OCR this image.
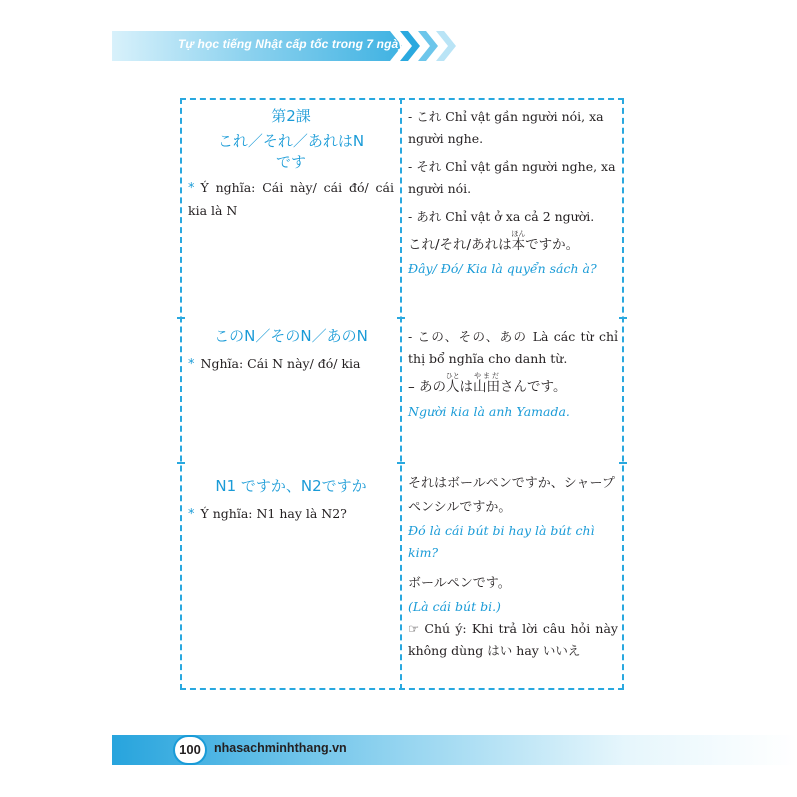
Tự học tiếng Nhật cấp tốc trong 7 ngày
第2課
これ／それ／あれはN
です
* Ý nghĩa: Cái này/ cái đó/ cái kia là N
- これ Chỉ vật gần người nói, xa người nghe.
- それ Chỉ vật gần người nghe, xa người nói.
- あれ Chỉ vật ở xa cả 2 người.
これ/それ/あれは本ほんですか。
Đây/ Đó/ Kia là quyển sách à?
このN／そのN／あのN
* Nghĩa: Cái N này/ đó/ kia
- この、その、あの Là các từ chỉ thị bổ nghĩa cho danh từ.
– あの人ひとは山田やまださんです。
Người kia là anh Yamada.
N1 ですか、N2ですか
* Ý nghĩa: N1 hay là N2?
それはボールペンですか、シャープペンシルですか。
Đó là cái bút bi hay là bút chì kim?
ボールペンです。
(Là cái bút bi.)
☞ Chú ý: Khi trả lời câu hỏi này không dùng はい hay いいえ
100	nhasachminhthang.vn
